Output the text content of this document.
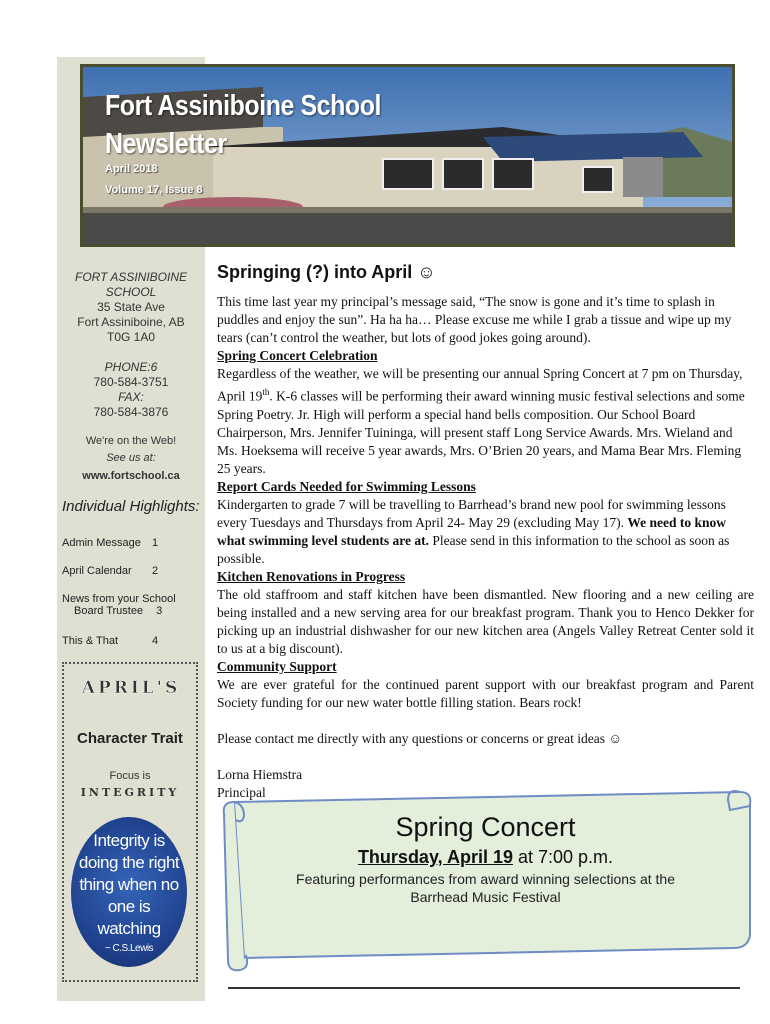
Fort Assiniboine School
Newsletter
April 2018
Volume 17, Issue 8
FORT ASSINIBOINE
SCHOOL
35 State Ave
Fort Assiniboine, AB
T0G 1A0
PHONE:6
780-584-3751
FAX:
780-584-3876
We're on the Web!
See us at:
www.fortschool.ca
Individual Highlights:
Admin Message 1
April Calendar 2
News from your School
Board Trustee 3
This & That	4
APRIL'S
Character Trait
Focus is
INTEGRITY
Integrity is
doing the right
thing when no
one is
watching
~ C.S.Lewis
Springing (?) into April ☺
This time last year my principal’s message said, “The snow is gone and it’s time to splash in puddles and enjoy the sun”. Ha ha ha… Please excuse me while I grab a tissue and wipe up my tears (can’t control the weather, but lots of good jokes going around).
Spring Concert Celebration
Regardless of the weather, we will be presenting our annual Spring Concert at 7 pm on Thursday, April 19th. K-6 classes will be performing their award winning music festival selections and some Spring Poetry. Jr. High will perform a special hand bells composition. Our School Board Chairperson, Mrs. Jennifer Tuininga, will present staff Long Service Awards. Mrs. Wieland and Ms. Hoeksema will receive 5 year awards, Mrs. O’Brien 20 years, and Mama Bear Mrs. Fleming 25 years.
Report Cards Needed for Swimming Lessons
Kindergarten to grade 7 will be travelling to Barrhead’s brand new pool for swimming lessons every Tuesdays and Thursdays from April 24- May 29 (excluding May 17). We need to know what swimming level students are at. Please send in this information to the school as soon as possible.
Kitchen Renovations in Progress
The old staffroom and staff kitchen have been dismantled. New flooring and a new ceiling are being installed and a new serving area for our breakfast program. Thank you to Henco Dekker for picking up an industrial dishwasher for our new kitchen area (Angels Valley Retreat Center sold it to us at a big discount).
Community Support
We are ever grateful for the continued parent support with our breakfast program and Parent Society funding for our new water bottle filling station. Bears rock!
Please contact me directly with any questions or concerns or great ideas ☺
Lorna Hiemstra
Principal
Spring Concert
Thursday, April 19 at 7:00 p.m.
Featuring performances from award winning selections at the
Barrhead Music Festival
